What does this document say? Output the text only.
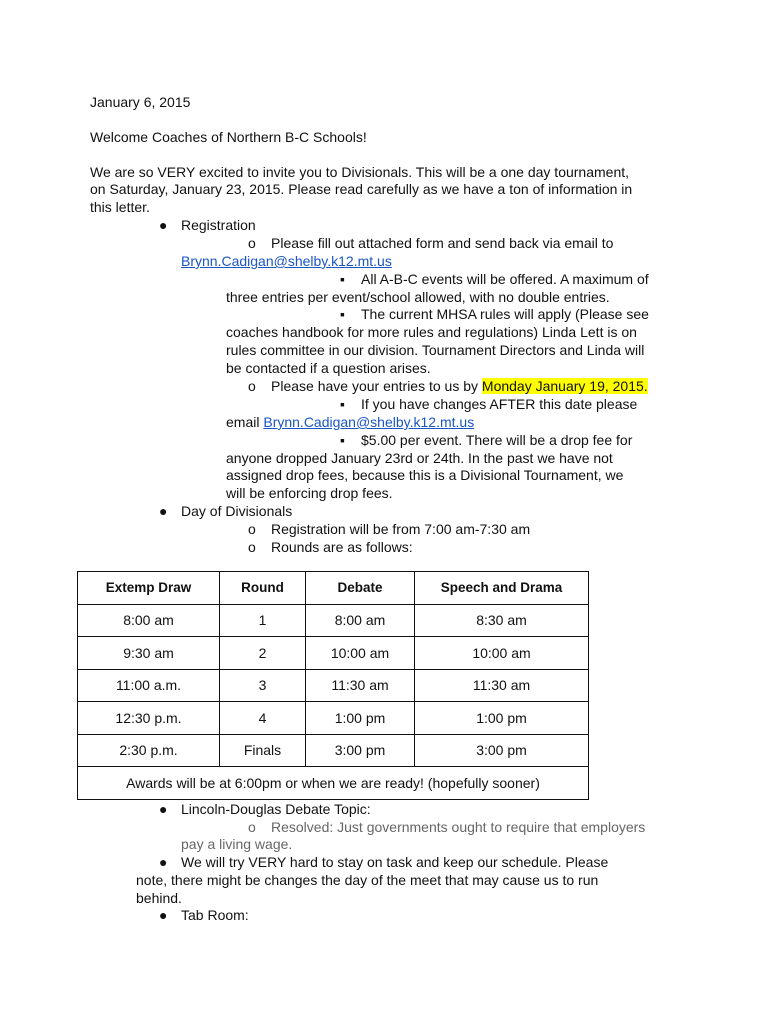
January 6, 2015
Welcome Coaches of Northern B-C Schools!
We are so VERY excited to invite you to Divisionals. This will be a one day tournament,
on Saturday, January 23, 2015. Please read carefully as we have a ton of information in
this letter.
● Registration
o Please fill out attached form and send back via email to
Brynn.Cadigan@shelby.k12.mt.us
▪ All A-B-C events will be offered. A maximum of
three entries per event/school allowed, with no double entries.
▪ The current MHSA rules will apply (Please see
coaches handbook for more rules and regulations) Linda Lett is on
rules committee in our division. Tournament Directors and Linda will
be contacted if a question arises.
o Please have your entries to us by Monday January 19, 2015.
▪ If you have changes AFTER this date please
email Brynn.Cadigan@shelby.k12.mt.us
▪ $5.00 per event. There will be a drop fee for
anyone dropped January 23rd or 24th. In the past we have not
assigned drop fees, because this is a Divisional Tournament, we
will be enforcing drop fees.
● Day of Divisionals
o Registration will be from 7:00 am-7:30 am
o Rounds are as follows:
Extemp Draw	Round	Debate	Speech and Drama
8:00 am	1	8:00 am	8:30 am
9:30 am	2	10:00 am	10:00 am
11:00 a.m.	3	11:30 am	11:30 am
12:30 p.m.	4	1:00 pm	1:00 pm
2:30 p.m.	Finals	3:00 pm	3:00 pm
Awards will be at 6:00pm or when we are ready! (hopefully sooner)			
● Lincoln-Douglas Debate Topic:
o Resolved: Just governments ought to require that employers
pay a living wage.
● We will try VERY hard to stay on task and keep our schedule. Please
note, there might be changes the day of the meet that may cause us to run
behind.
● Tab Room:
